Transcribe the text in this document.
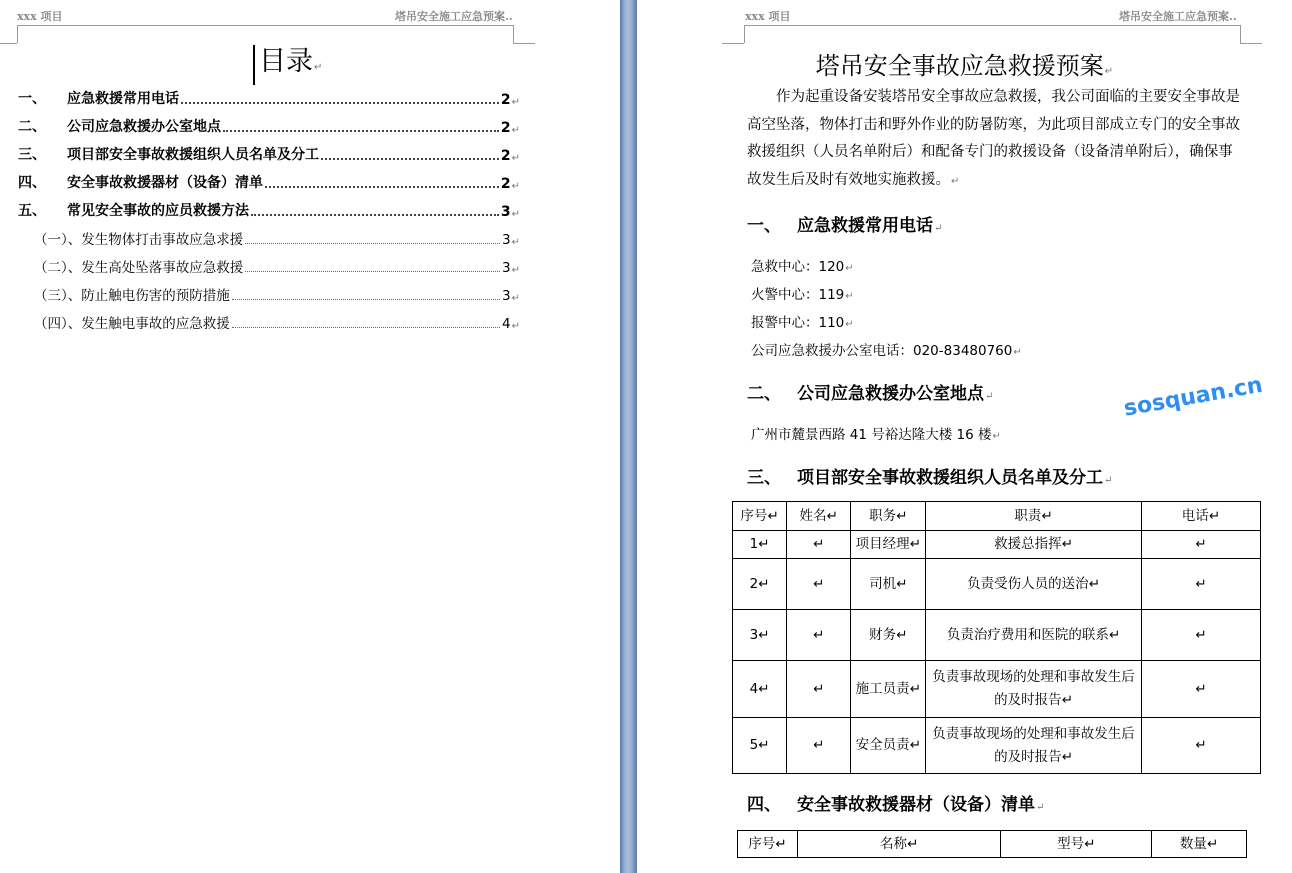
xxx 项目	塔吊安全施工应急预案..
目录↵
一、	应急救援常用电话	2 ↵
二、	公司应急救援办公室地点	2 ↵
三、	项目部安全事故救援组织人员名单及分工	2 ↵
四、	安全事故救援器材（设备）清单	2 ↵
五、	常见安全事故的应员救援方法	3 ↵
（一）、发生物体打击事故应急求援	3 ↵
（二）、发生高处坠落事故应急救援	3 ↵
（三）、防止触电伤害的预防措施	3 ↵
（四）、发生触电事故的应急救援	4 ↵
xxx 项目	塔吊安全施工应急预案..
塔吊安全事故应急救援预案↵
作为起重设备安装塔吊安全事故应急救援，我公司面临的主要安全事故是高空坠落，物体打击和野外作业的防暑防寒，为此项目部成立专门的安全事故救援组织（人员名单附后）和配备专门的救援设备（设备清单附后），确保事故发生后及时有效地实施救援。↵
一、 应急救援常用电话↵
急救中心：120↵
火警中心：119↵
报警中心：110↵
公司应急救援办公室电话：020-83480760↵
二、 公司应急救援办公室地点↵
广州市麓景西路 41 号裕达隆大楼 16 楼↵
三、 项目部安全事故救援组织人员名单及分工↵
序号↵	姓名↵	职务↵	职责↵	电话↵
1↵	↵	项目经理↵	救援总指挥↵	↵
2↵	↵	司机↵	负责受伤人员的送治↵	↵
3↵	↵	财务↵	负责治疗费用和医院的联系↵	↵
4↵	↵	施工员责↵	负责事故现场的处理和事故发生后的及时报告↵	↵
5↵	↵	安全员责↵	负责事故现场的处理和事故发生后的及时报告↵	↵
四、 安全事故救援器材（设备）清单↵
序号↵	名称↵	型号↵	数量↵
sosquan.cn
